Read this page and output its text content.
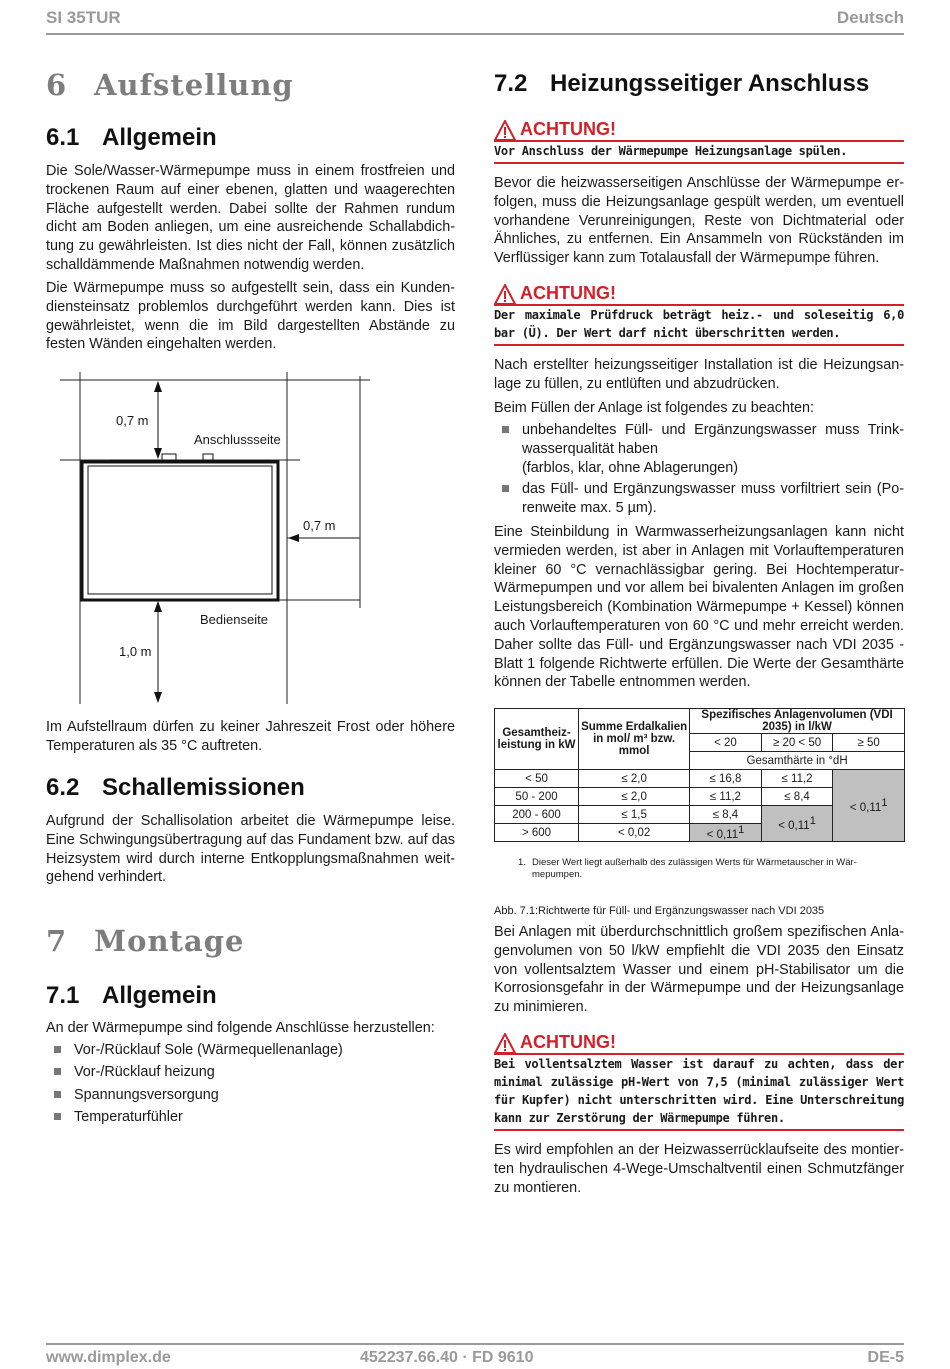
SI 35TUR	Deutsch
6 Aufstellung
6.1 Allgemein
Die Sole/Wasser-Wärmepumpe muss in einem frostfreien und trockenen Raum auf einer ebenen, glatten und waagerechten Fläche aufgestellt werden. Dabei sollte der Rahmen rundum dicht am Boden anliegen, um eine ausreichende Schallabdichtung zu gewährleisten. Ist dies nicht der Fall, können zusätzlich schalldämmende Maßnahmen notwendig werden.
Die Wärmepumpe muss so aufgestellt sein, dass ein Kundendiensteinsatz problemlos durchgeführt werden kann. Dies ist gewährleistet, wenn die im Bild dargestellten Abstände zu festen Wänden eingehalten werden.
0,7 m
Anschlussseite
0,7 m
Bedienseite
1,0 m
Im Aufstellraum dürfen zu keiner Jahreszeit Frost oder höhere Temperaturen als 35 °C auftreten.
6.2 Schallemissionen
Aufgrund der Schallisolation arbeitet die Wärmepumpe leise. Eine Schwingungsübertragung auf das Fundament bzw. auf das Heizsystem wird durch interne Entkopplungsmaßnahmen weitgehend verhindert.
7 Montage
7.1 Allgemein
An der Wärmepumpe sind folgende Anschlüsse herzustellen:
Vor-/Rücklauf Sole (Wärmequellenanlage)
Vor-/Rücklauf heizung
Spannungsversorgung
Temperaturfühler
7.2 Heizungsseitiger Anschluss
ACHTUNG!
Vor Anschluss der Wärmepumpe Heizungsanlage spülen.
Bevor die heizwasserseitigen Anschlüsse der Wärmepumpe erfolgen, muss die Heizungsanlage gespült werden, um eventuell vorhandene Verunreinigungen, Reste von Dichtmaterial oder Ähnliches, zu entfernen. Ein Ansammeln von Rückständen im Verflüssiger kann zum Totalausfall der Wärmepumpe führen.
ACHTUNG!
Der maximale Prüfdruck beträgt heiz.- und soleseitig 6,0 bar (Ü). Der Wert darf nicht überschritten werden.
Nach erstellter heizungsseitiger Installation ist die Heizungsanlage zu füllen, zu entlüften und abzudrücken.
Beim Füllen der Anlage ist folgendes zu beachten:
unbehandeltes Füll- und Ergänzungswasser muss Trinkwasserqualität haben
(farblos, klar, ohne Ablagerungen)
das Füll- und Ergänzungswasser muss vorfiltriert sein (Porenweite max. 5 µm).
Eine Steinbildung in Warmwasserheizungsanlagen kann nicht vermieden werden, ist aber in Anlagen mit Vorlauftemperaturen kleiner 60 °C vernachlässigbar gering. Bei Hochtemperatur-Wärmepumpen und vor allem bei bivalenten Anlagen im großen Leistungsbereich (Kombination Wärmepumpe + Kessel) können auch Vorlauftemperaturen von 60 °C und mehr erreicht werden. Daher sollte das Füll- und Ergänzungswasser nach VDI 2035 - Blatt 1 folgende Richtwerte erfüllen. Die Werte der Gesamthärte können der Tabelle entnommen werden.
Gesamtheizleistung in kW	Summe Erdalkalien in mol/ m³ bzw. mmol	Spezifisches Anlagenvolumen (VDI 2035) in l/kW		
		< 20	≥ 20 < 50	≥ 50
		Gesamthärte in °dH		
< 50	≤ 2,0	≤ 16,8	≤ 11,2	< $0,11^1$
50 - 200	≤ 2,0	≤ 11,2	≤ 8,4	
200 - 600	≤ 1,5	≤ 8,4	< $0,11^1$
> 600	< 0,02	< $0,11^1$
1. Dieser Wert liegt außerhalb des zulässigen Werts für Wärmetauscher in Wärmepumpen.
Abb. 7.1:Richtwerte für Füll- und Ergänzungswasser nach VDI 2035
Bei Anlagen mit überdurchschnittlich großem spezifischen Anlagenvolumen von 50 l/kW empfiehlt die VDI 2035 den Einsatz von vollentsalztem Wasser und einem pH-Stabilisator um die Korrosionsgefahr in der Wärmepumpe und der Heizungsanlage zu minimieren.
ACHTUNG!
Bei vollentsalztem Wasser ist darauf zu achten, dass der minimal zulässige pH-Wert von 7,5 (minimal zulässiger Wert für Kupfer) nicht unterschritten wird. Eine Unterschreitung kann zur Zerstörung der Wärmepumpe führen.
Es wird empfohlen an der Heizwasserrücklaufseite des montierten hydraulischen 4-Wege-Umschaltventil einen Schmutzfänger zu montieren.
www.dimplex.de	452237.66.40 · FD 9610	DE-5
